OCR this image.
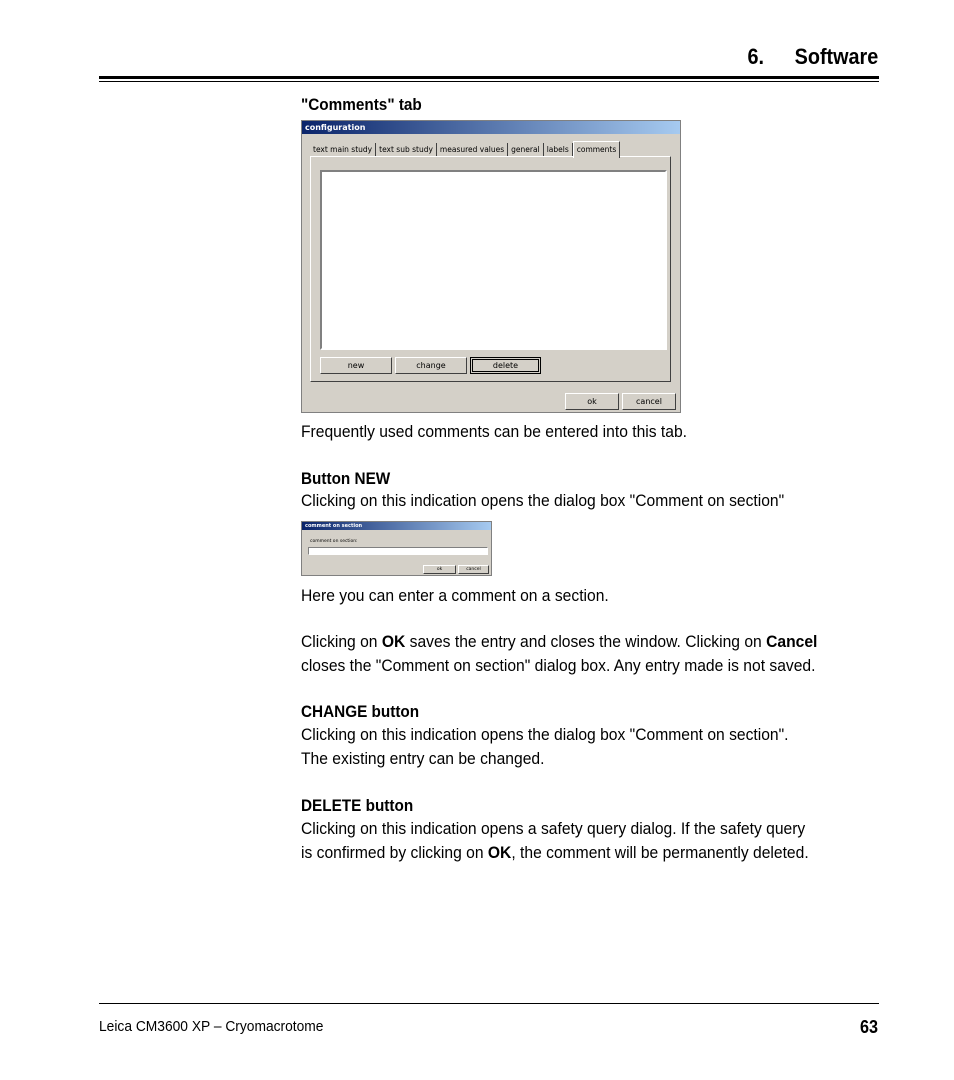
6. Software
"Comments" tab
configuration
text main study text sub study measured values general labels	comments
new	change	delete
ok	cancel
Frequently used comments can be entered into this tab.
Button NEW
Clicking on this indication opens the dialog box "Comment on section"
comment on section
comment on section:
ok	cancel
Here you can enter a comment on a section.
Clicking on OK saves the entry and closes the window. Clicking on Cancel
closes the "Comment on section" dialog box. Any entry made is not saved.
CHANGE button
Clicking on this indication opens the dialog box "Comment on section".
The existing entry can be changed.
DELETE button
Clicking on this indication opens a safety query dialog. If the safety query
is confirmed by clicking on OK, the comment will be permanently deleted.
Leica CM3600 XP – Cryomacrotome	63
